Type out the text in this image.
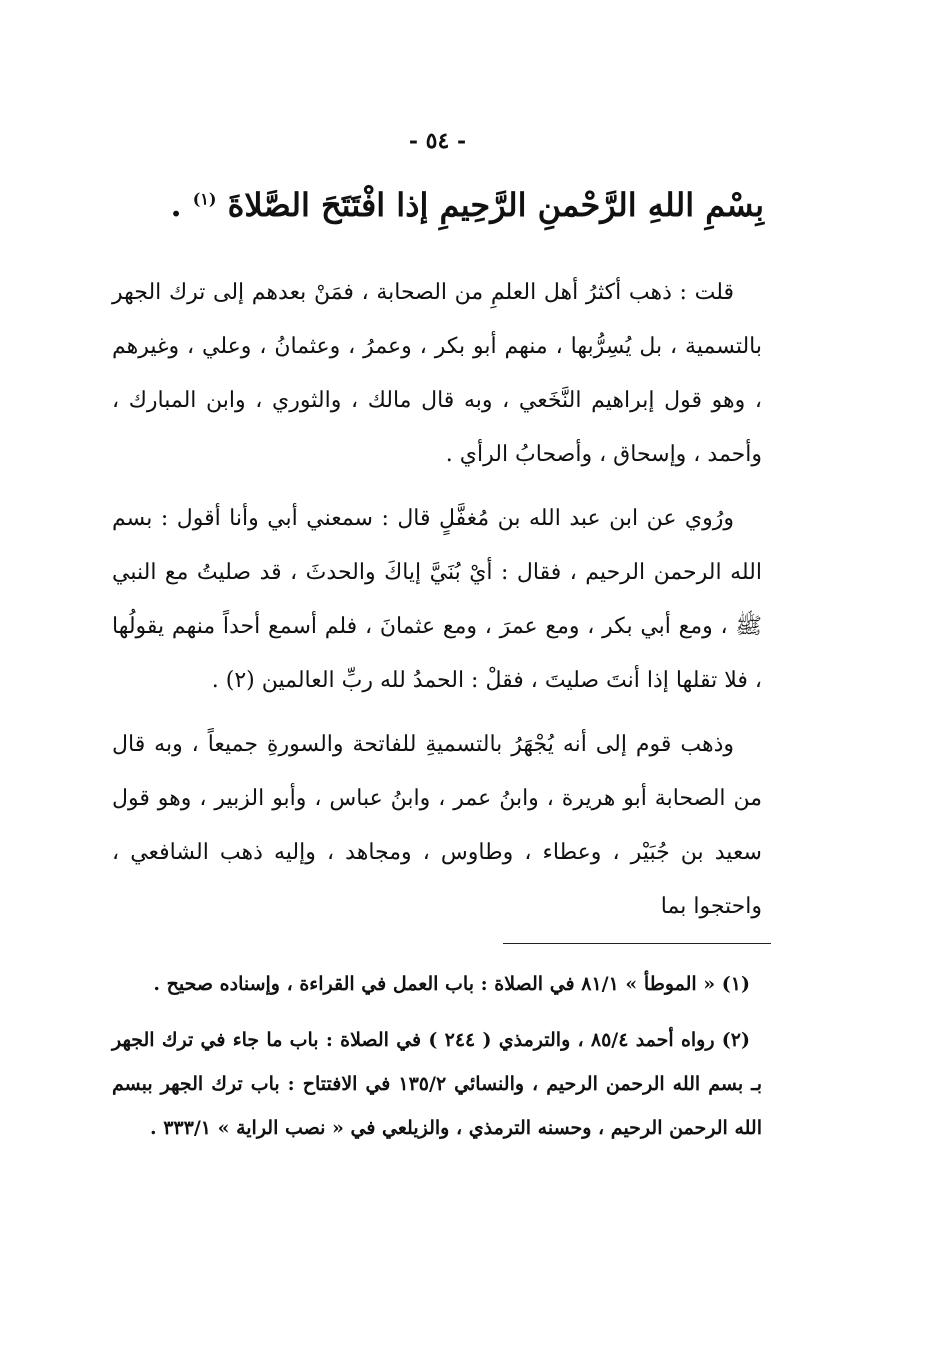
- ٥٤ -
بِسْمِ اللهِ الرَّحْمنِ الرَّحِيمِ إذا افْتَتَحَ الصَّلاةَ $^{(١)}$ .

قلت : ذهب أكثرُ أهل العلمِ من الصحابة ، فمَنْ بعدهم إلى ترك الجهر بالتسمية ، بل يُسِرُّبها ، منهم أبو بكر ، وعمرُ ، وعثمانُ ، وعلي ، وغيرهم ، وهو قول إبراهيم النَّخَعي ، وبه قال مالك ، والثوري ، وابن المبارك ، وأحمد ، وإسحاق ، وأصحابُ الرأي .

ورُوي عن ابن عبد الله بن مُغفَّلٍ قال : سمعني أبي وأنا أقول : بسم الله الرحمن الرحيم ، فقال : أيْ بُنَيَّ إياكَ والحدثَ ، قد صليتُ مع النبي ﷺ ، ومع أبي بكر ، ومع عمرَ ، ومع عثمانَ ، فلم أسمع أحداً منهم يقولُها ، فلا تقلها إذا أنتَ صليتَ ، فقلْ : الحمدُ لله ربِّ العالمين (٢) .

وذهب قوم إلى أنه يُجْهَرُ بالتسميةِ للفاتحة والسورةِ جميعاً ، وبه قال من الصحابة أبو هريرة ، وابنُ عمر ، وابنُ عباس ، وأبو الزبير ، وهو قول سعيد بن جُبَيْر ، وعطاء ، وطاوس ، ومجاهد ، وإليه ذهب الشافعي ، واحتجوا بما

(١) « الموطأ » ٨١/١ في الصلاة : باب العمل في القراءة ، وإسناده صحيح .

(٢) رواه أحمد ٨٥/٤ ، والترمذي ( ٢٤٤ ) في الصلاة : باب ما جاء في ترك الجهر بـ بسم الله الرحمن الرحيم ، والنسائي ١٣٥/٢ في الافتتاح : باب ترك الجهر ببسم الله الرحمن الرحيم ، وحسنه الترمذي ، والزيلعي في « نصب الراية » ٣٣٣/١ .
